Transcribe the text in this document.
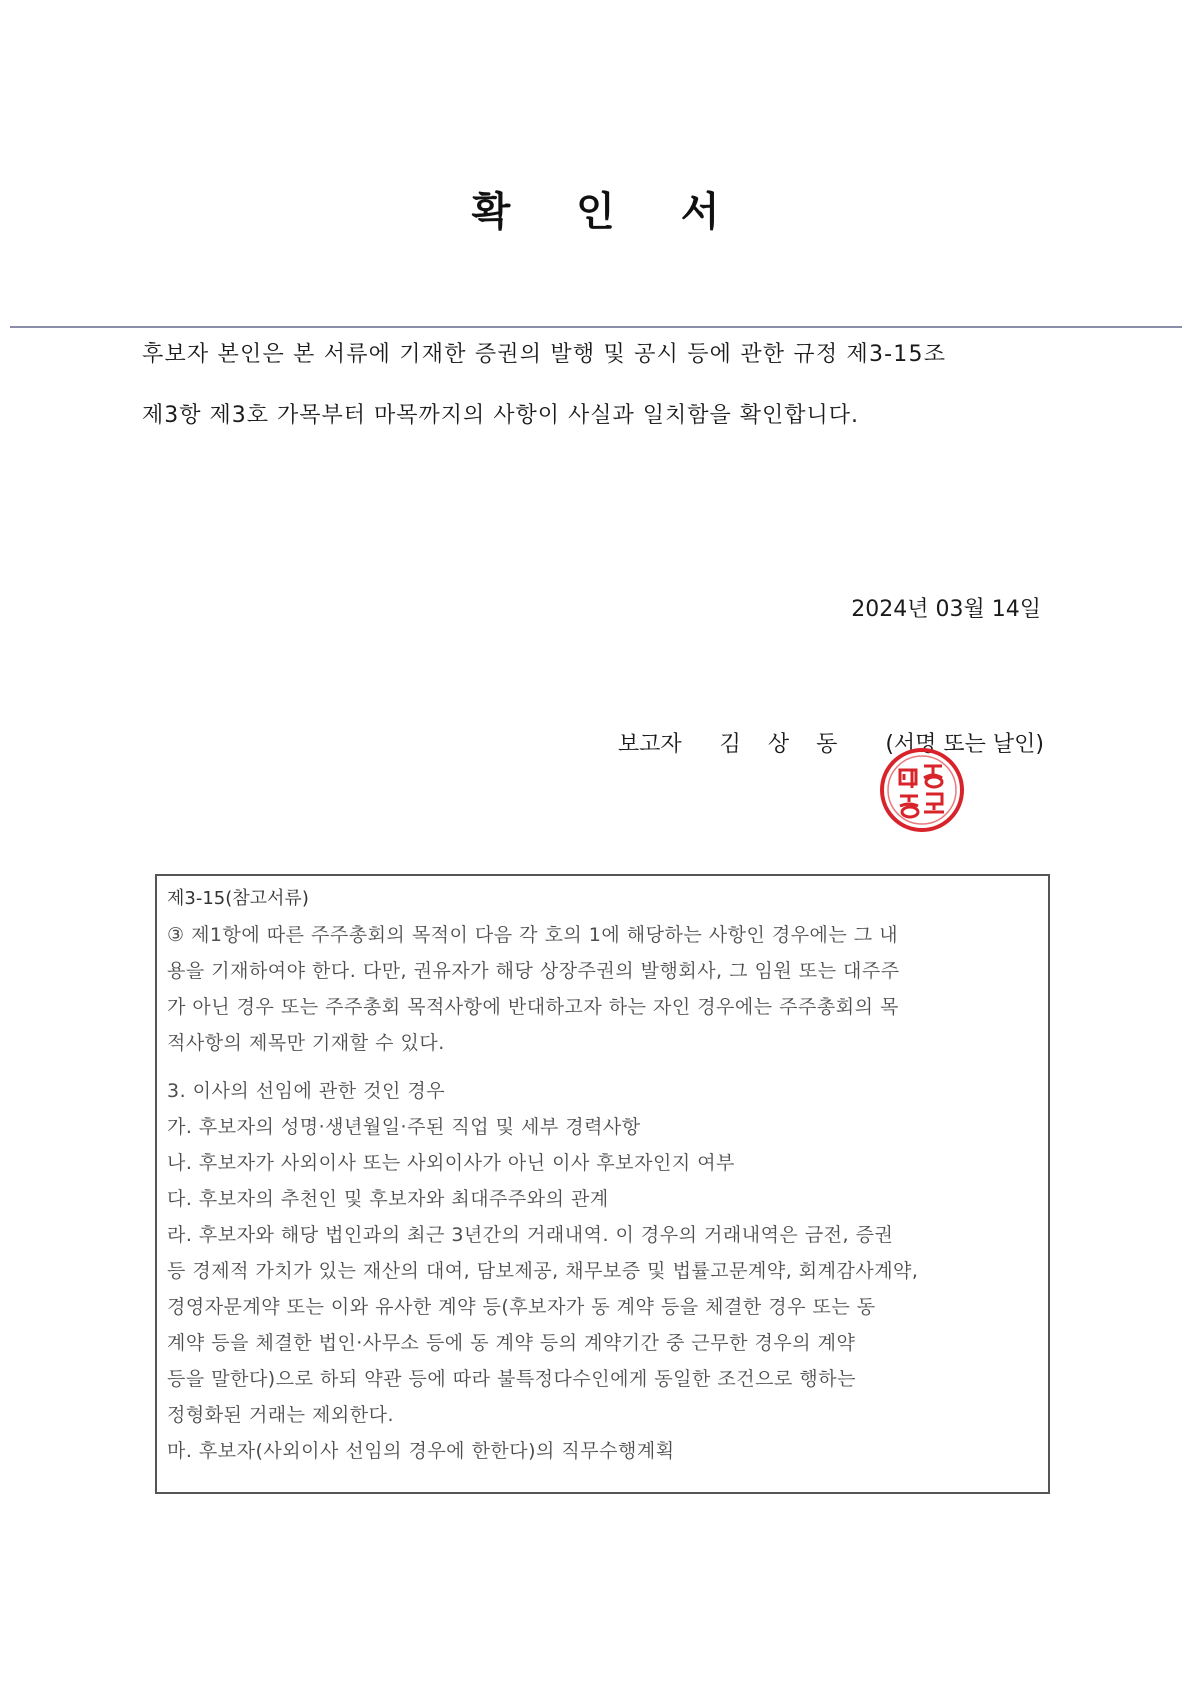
확 인 서
후보자 본인은 본 서류에 기재한 증권의 발행 및 공시 등에 관한 규정 제3-15조
제3항 제3호 가목부터 마목까지의 사항이 사실과 일치함을 확인합니다.
2024년 03월 14일
보고자 김 상 동 (서명 또는 날인)
제3-15(참고서류)
③ 제1항에 따른 주주총회의 목적이 다음 각 호의 1에 해당하는 사항인 경우에는 그 내
용을 기재하여야 한다. 다만, 권유자가 해당 상장주권의 발행회사, 그 임원 또는 대주주
가 아닌 경우 또는 주주총회 목적사항에 반대하고자 하는 자인 경우에는 주주총회의 목
적사항의 제목만 기재할 수 있다.
3. 이사의 선임에 관한 것인 경우
가. 후보자의 성명·생년월일·주된 직업 및 세부 경력사항
나. 후보자가 사외이사 또는 사외이사가 아닌 이사 후보자인지 여부
다. 후보자의 추천인 및 후보자와 최대주주와의 관계
라. 후보자와 해당 법인과의 최근 3년간의 거래내역. 이 경우의 거래내역은 금전, 증권
등 경제적 가치가 있는 재산의 대여, 담보제공, 채무보증 및 법률고문계약, 회계감사계약,
경영자문계약 또는 이와 유사한 계약 등(후보자가 동 계약 등을 체결한 경우 또는 동
계약 등을 체결한 법인·사무소 등에 동 계약 등의 계약기간 중 근무한 경우의 계약
등을 말한다)으로 하되 약관 등에 따라 불특정다수인에게 동일한 조건으로 행하는
정형화된 거래는 제외한다.
마. 후보자(사외이사 선임의 경우에 한한다)의 직무수행계획
